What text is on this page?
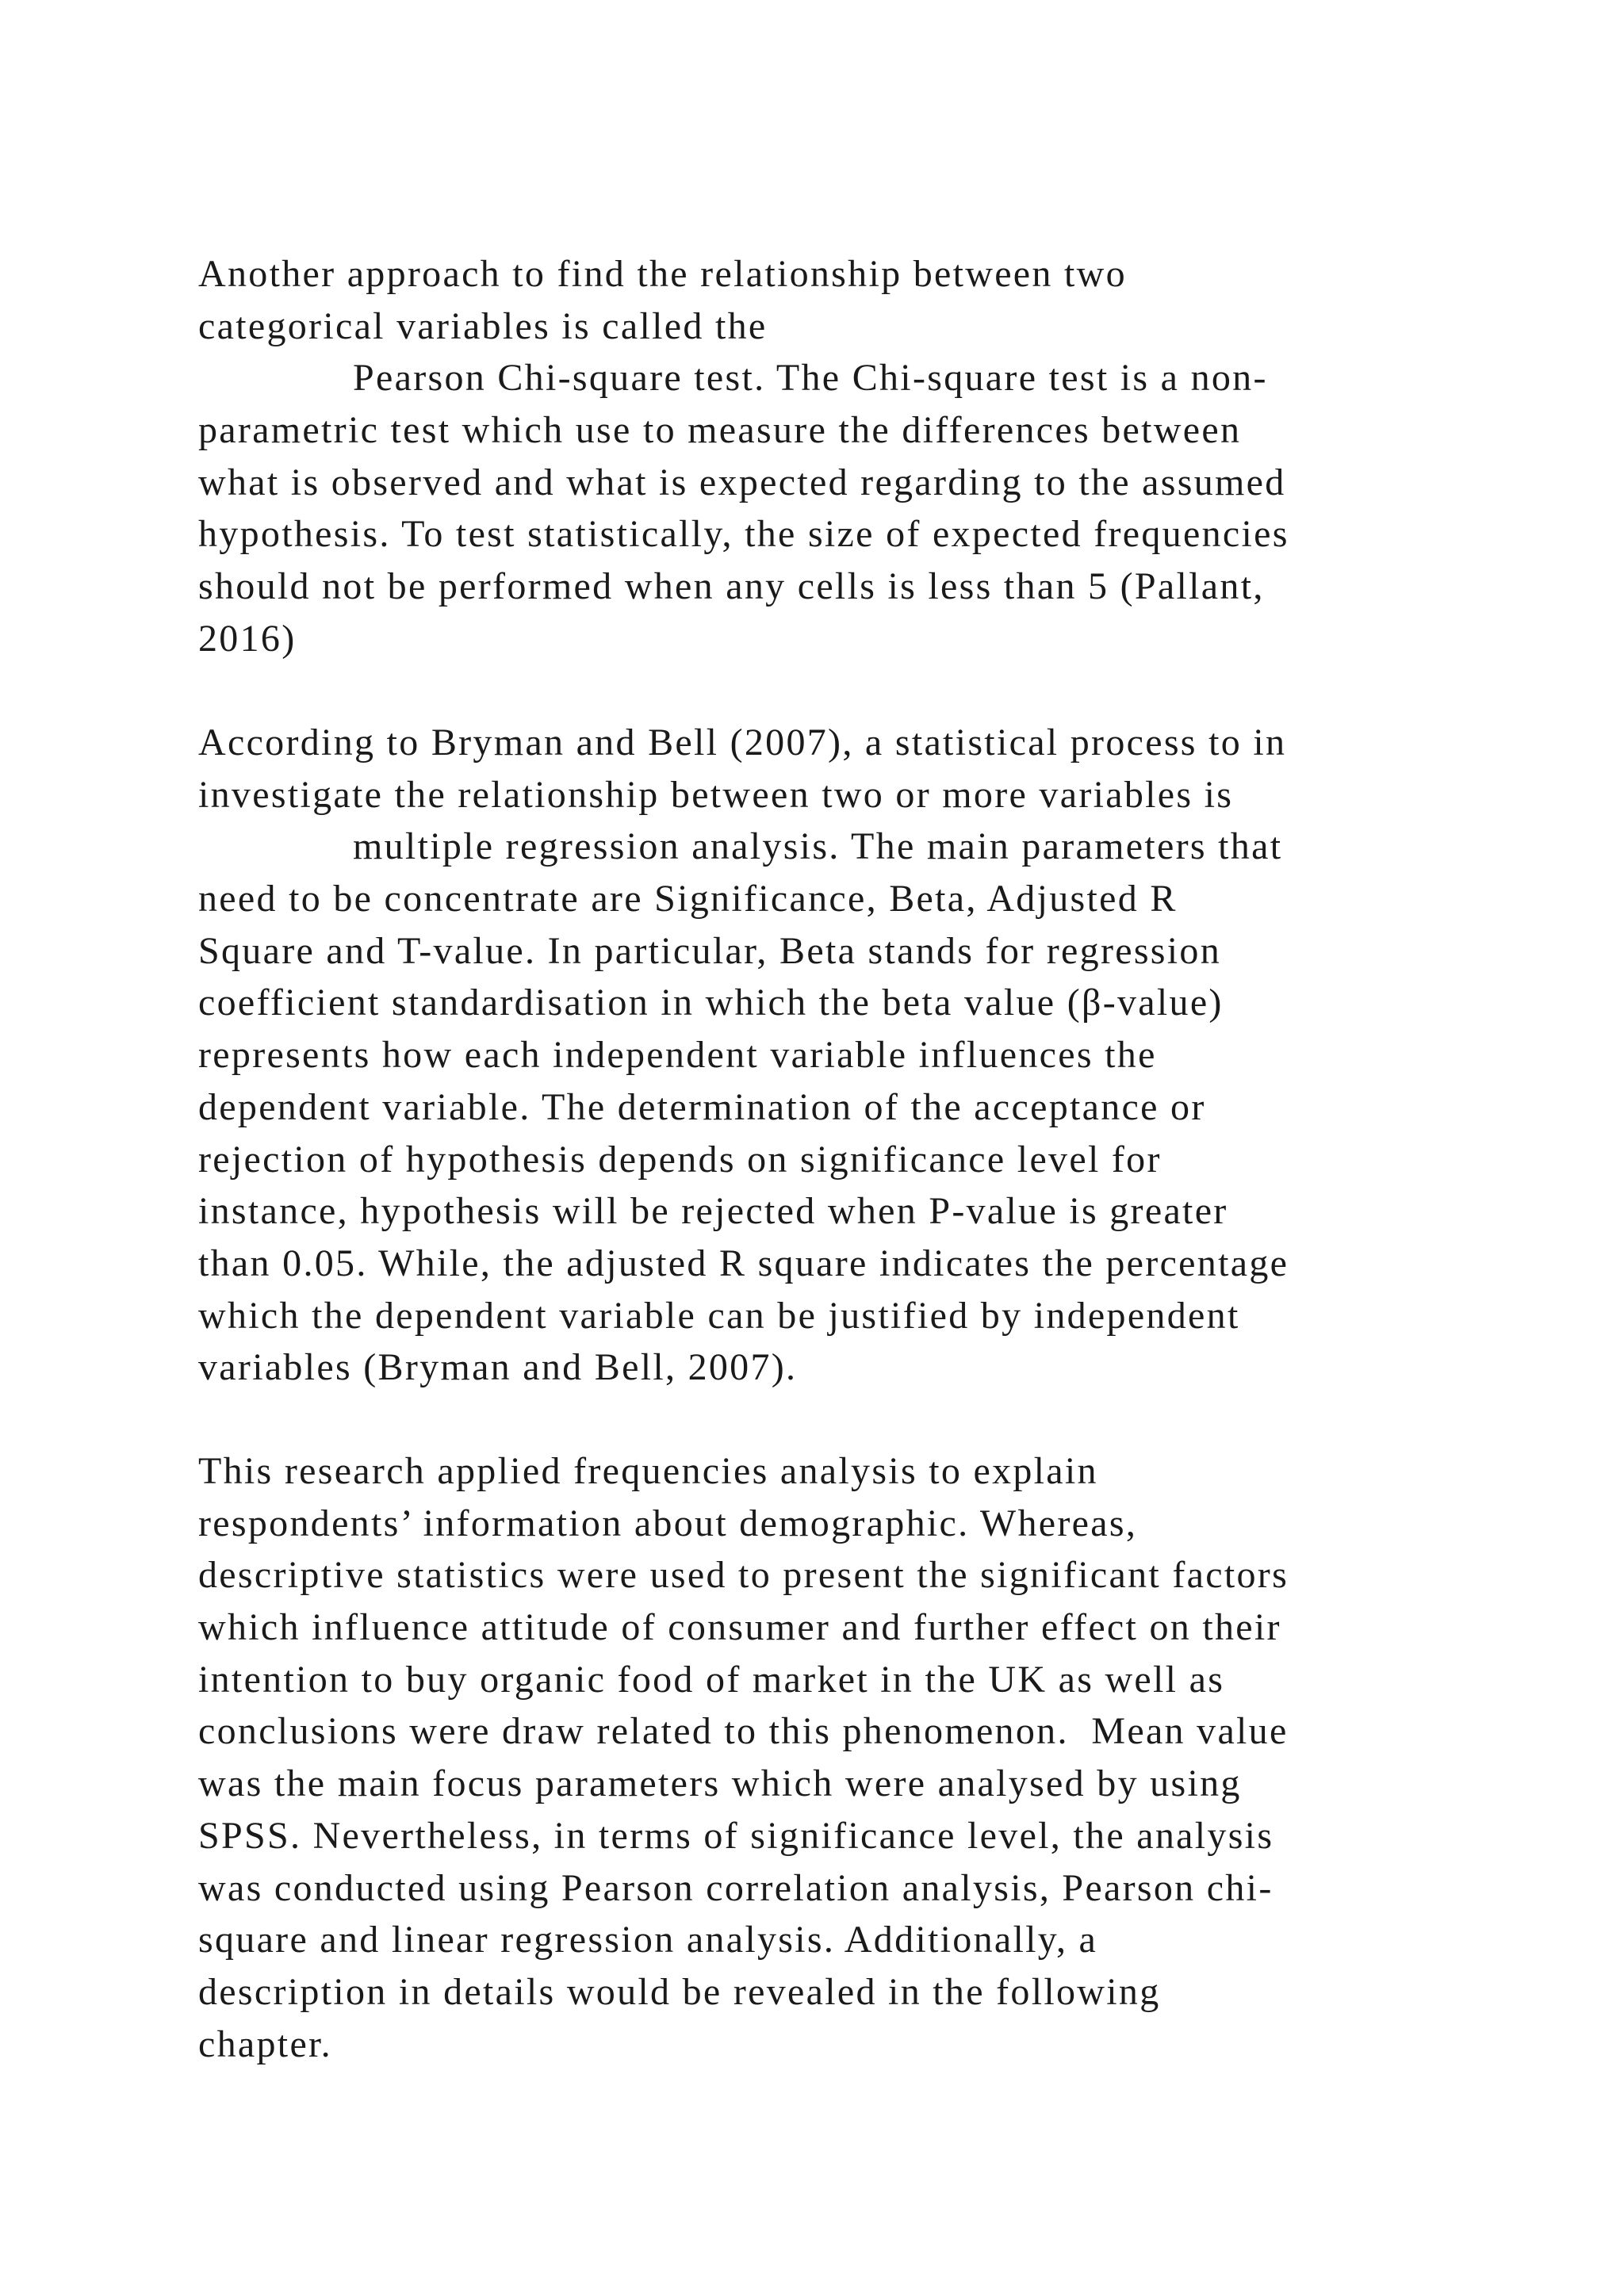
Another approach to find the relationship between two
categorical variables is called the
Pearson Chi-square test. The Chi-square test is a non-
parametric test which use to measure the differences between
what is observed and what is expected regarding to the assumed
hypothesis. To test statistically, the size of expected frequencies
should not be performed when any cells is less than 5 (Pallant,
2016)
According to Bryman and Bell (2007), a statistical process to in
investigate the relationship between two or more variables is
multiple regression analysis. The main parameters that
need to be concentrate are Significance, Beta, Adjusted R
Square and T-value. In particular, Beta stands for regression
coefficient standardisation in which the beta value (β-value)
represents how each independent variable influences the
dependent variable. The determination of the acceptance or
rejection of hypothesis depends on significance level for
instance, hypothesis will be rejected when P-value is greater
than 0.05. While, the adjusted R square indicates the percentage
which the dependent variable can be justified by independent
variables (Bryman and Bell, 2007).
This research applied frequencies analysis to explain
respondents’ information about demographic. Whereas,
descriptive statistics were used to present the significant factors
which influence attitude of consumer and further effect on their
intention to buy organic food of market in the UK as well as
conclusions were draw related to this phenomenon.  Mean value
was the main focus parameters which were analysed by using
SPSS. Nevertheless, in terms of significance level, the analysis
was conducted using Pearson correlation analysis, Pearson chi-
square and linear regression analysis. Additionally, a
description in details would be revealed in the following
chapter.
